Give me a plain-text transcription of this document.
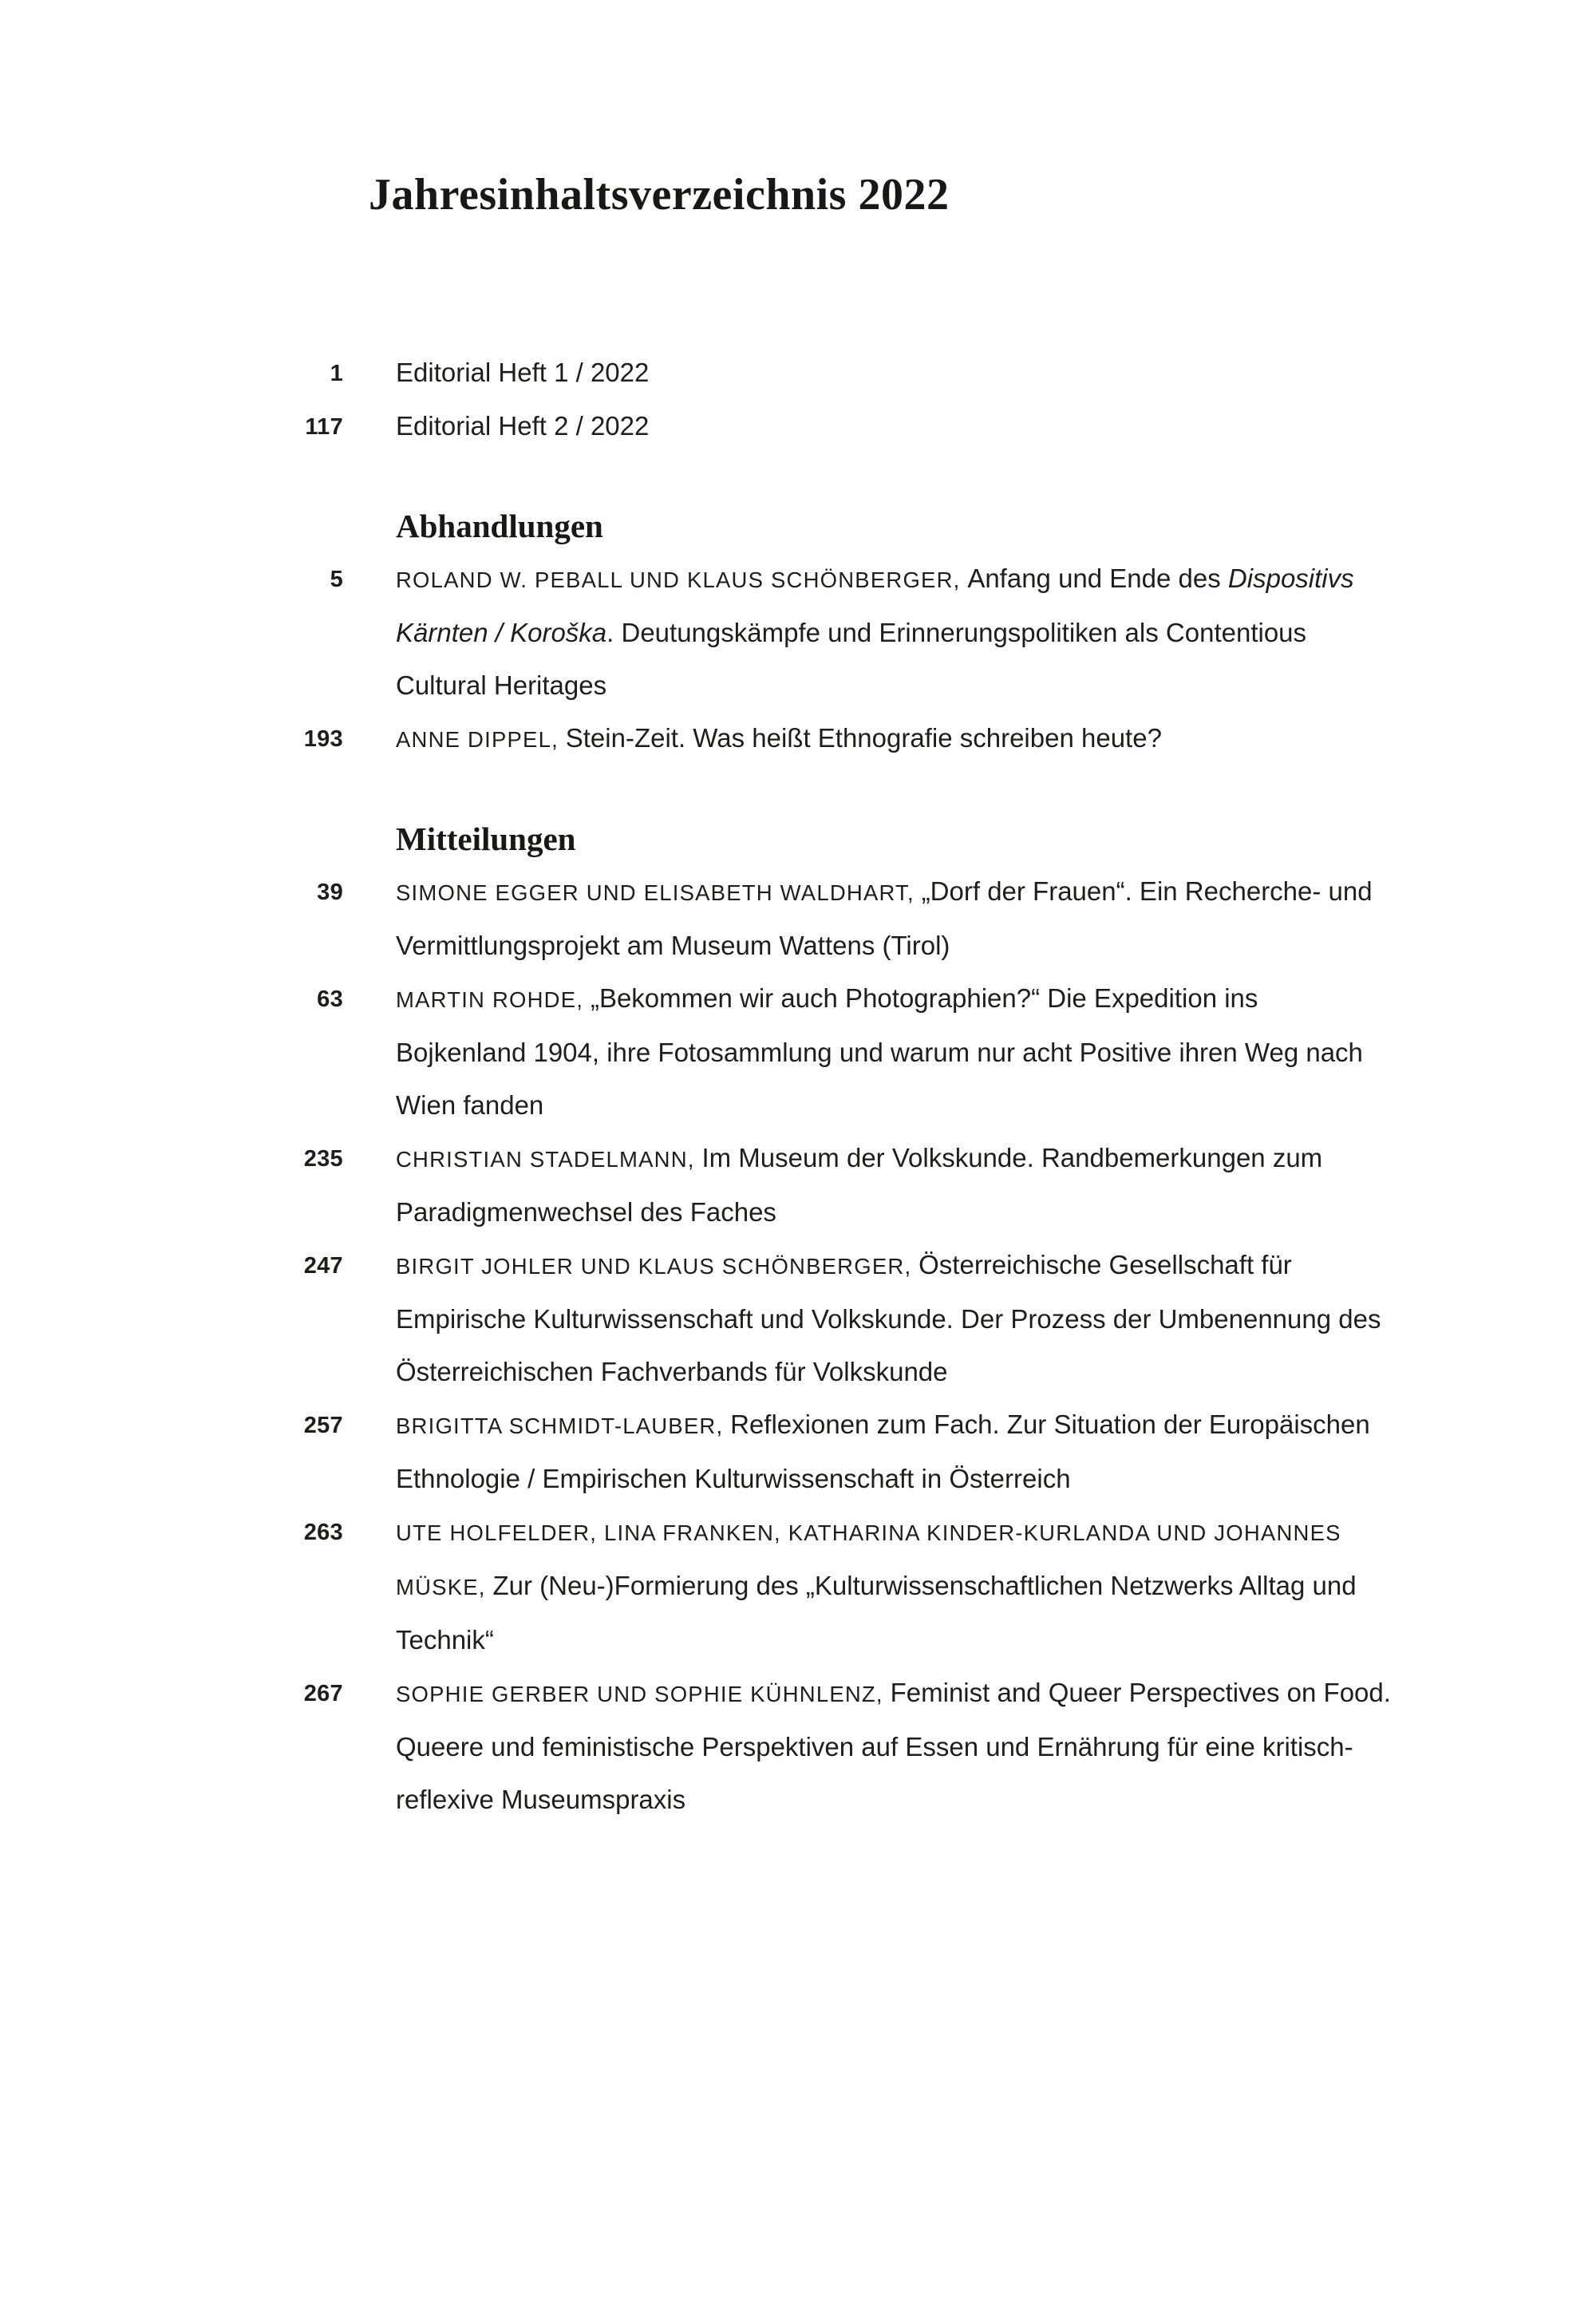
Jahresinhaltsverzeichnis 2022
1 Editorial Heft 1 / 2022

117 Editorial Heft 2 / 2022

Abhandlungen
5 ROLAND W. PEBALL UND KLAUS SCHÖNBERGER, Anfang und Ende des Dispositivs Kärnten / Koroška. Deutungskämpfe und Erinnerungspolitiken als Contentious Cultural Heritages

193 ANNE DIPPEL, Stein-Zeit. Was heißt Ethnografie schreiben heute?

Mitteilungen
39 SIMONE EGGER UND ELISABETH WALDHART, „Dorf der Frauen“. Ein Recherche- und Vermittlungsprojekt am Museum Wattens (Tirol)

63 MARTIN ROHDE, „Bekommen wir auch Photographien?“ Die Expedition ins Bojkenland 1904, ihre Fotosammlung und warum nur acht Positive ihren Weg nach Wien fanden

235 CHRISTIAN STADELMANN, Im Museum der Volkskunde. Randbemerkungen zum Paradigmenwechsel des Faches

247 BIRGIT JOHLER UND KLAUS SCHÖNBERGER, Österreichische Gesellschaft für Empirische Kulturwissenschaft und Volkskunde. Der Prozess der Umbenennung des Österreichischen Fachverbands für Volkskunde

257 BRIGITTA SCHMIDT-LAUBER, Reflexionen zum Fach. Zur Situation der Europäischen Ethnologie / Empirischen Kulturwissenschaft in Österreich

263 UTE HOLFELDER, LINA FRANKEN, KATHARINA KINDER-KURLANDA UND JOHANNES MÜSKE, Zur (Neu-)Formierung des „Kulturwissenschaftlichen Netzwerks Alltag und Technik“

267 SOPHIE GERBER UND SOPHIE KÜHNLENZ, Feminist and Queer Perspectives on Food. Queere und feministische Perspektiven auf Essen und Ernährung für eine kritisch-reflexive Museumspraxis
